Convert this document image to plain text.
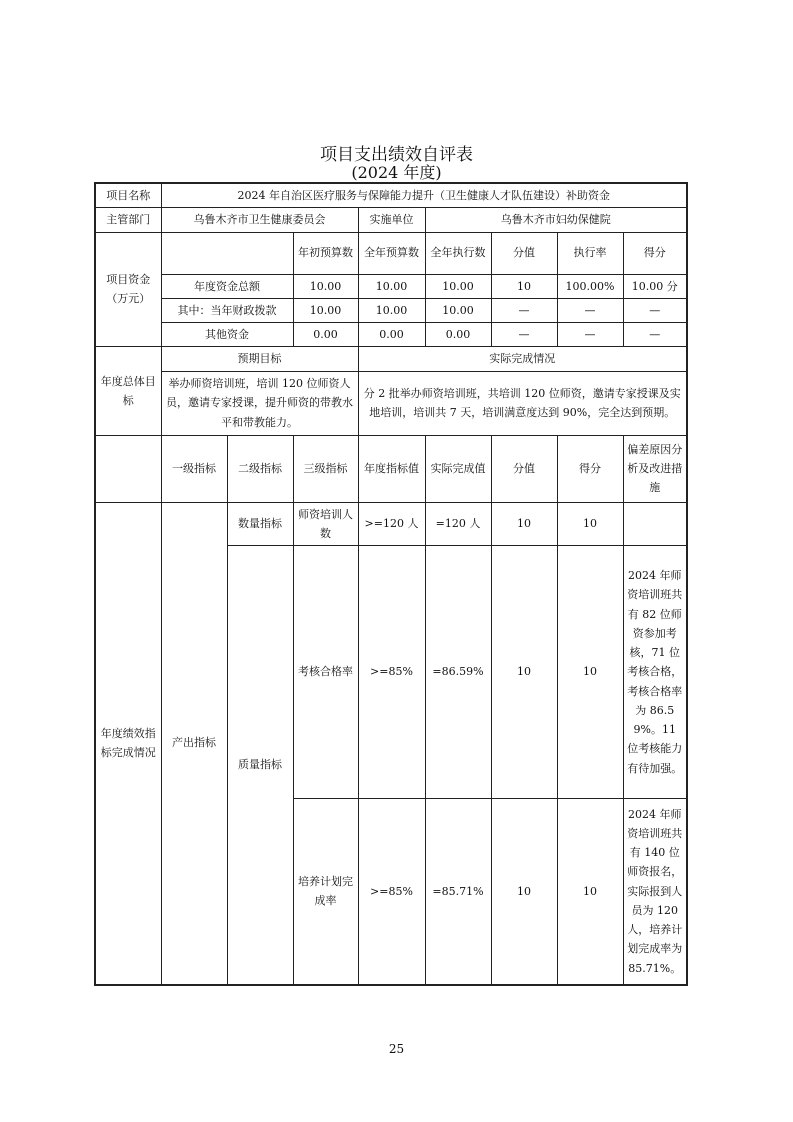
项目支出绩效自评表
(2024 年度)
项目名称	2024 年自治区医疗服务与保障能力提升（卫生健康人才队伍建设）补助资金							
主管部门	乌鲁木齐市卫生健康委员会			实施单位	乌鲁木齐市妇幼保健院			
项目资金（万元）			年初预算数	全年预算数	全年执行数	分值	执行率	得分
	年度资金总额		10.00	10.00	10.00	10	100.00%	10.00 分
	其中：当年财政拨款		10.00	10.00	10.00	—	—	—
	其他资金		0.00	0.00	0.00	—	—	—
年度总体目标	预期目标			实际完成情况				
	举办师资培训班，培训 120 位师资人员，邀请专家授课，提升师资的带教水平和带教能力。			分 2 批举办师资培训班，共培训 120 位师资，邀请专家授课及实地培训，培训共 7 天，培训满意度达到 90%，完全达到预期。				
	一级指标	二级指标	三级指标	年度指标值	实际完成值	分值	得分	偏差原因分析及改进措施
年度绩效指标完成情况	产出指标	数量指标	师资培训人数	>=120 人	=120 人	10	10	
		质量指标	考核合格率	>=85%	=86.59%	10	10	2024 年师资培训班共有 82 位师资参加考核，71 位考核合格，考核合格率为 86.59%。11 位考核能力有待加强。
			培养计划完成率	>=85%	=85.71%	10	10	2024 年师资培训班共有 140 位师资报名，实际报到人员为 120 人，培养计划完成率为 85.71%。
25
